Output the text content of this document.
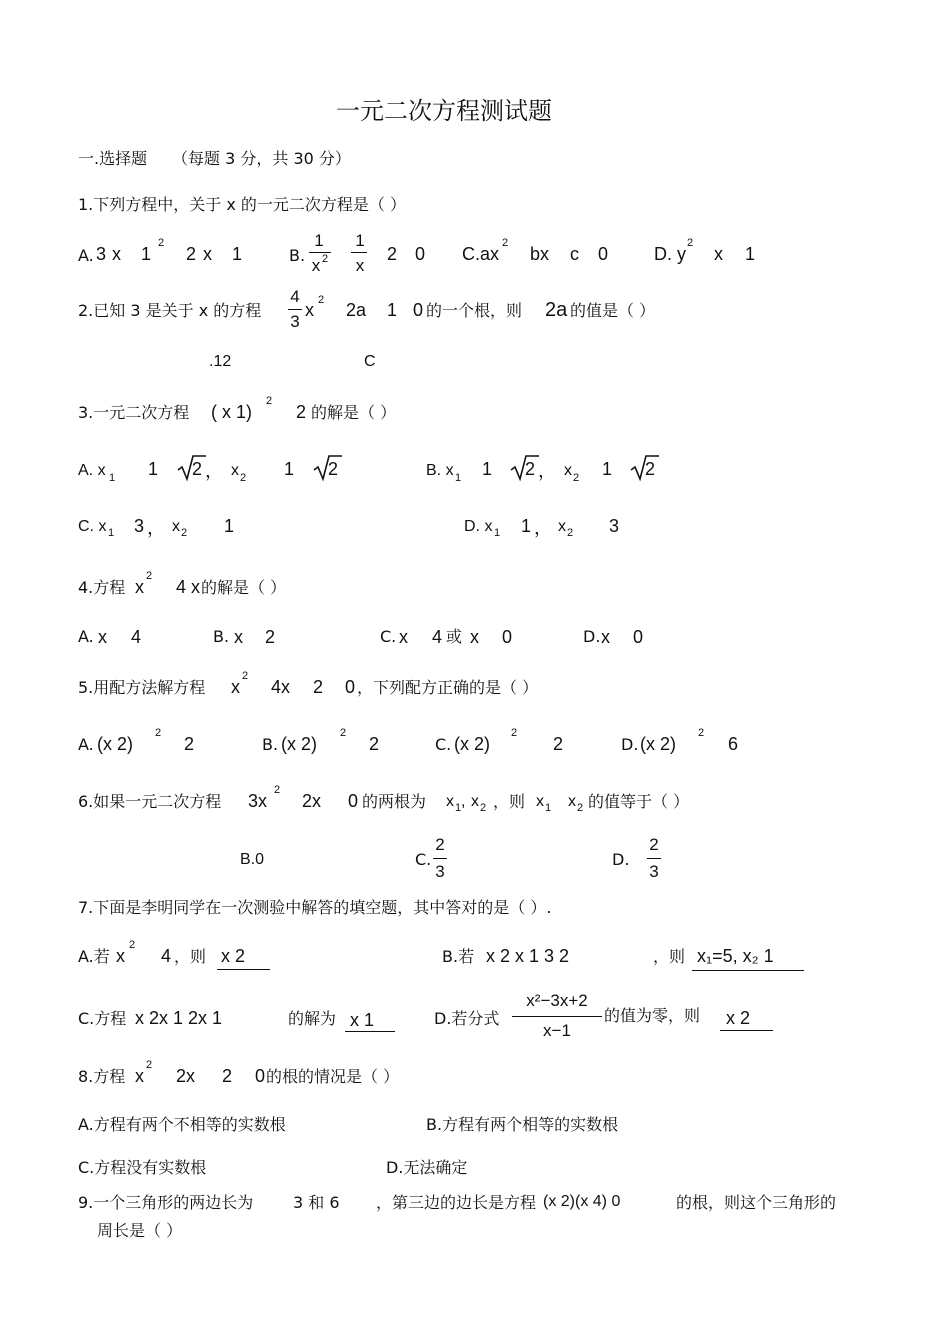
一元二次方程测试题
一.选择题 （每题 3 分，共 30 分）
1.下列方程中，关于 x 的一元二次方程是（ ）
A. 3 x 1
2
2 x 1	B.
1
x 2
1
x
2 0 C.ax
2
bx c 0	D. y
2
x 1
2.已知 3 是关于 x 的方程
4
3
x 2 2a 1 0 的一个根，则 2a 的值是（ ）
.12	C
3.一元二次方程 ( x 1)
2
2 的解是（ ）
A. x 1 1 2 ， x 2 1 2	B. x 1 1 2 ， x 2 1 2
C. x 1 3 ， x 2 1	D. x 1 1 ， x 2 3
4.方程 x
2
4 x 的解是（ ）
A. x 4	B. x 2	C. x 4 或 x 0	D. x 0
5.用配方法解方程 x
2
4x 2 0 ，下列配方正确的是（ ）
A. (x 2)
2
2	B. (x 2)
2
2	C. (x 2)
2
2	D. (x 2)
2
6
6.如果一元二次方程 3x
2
2x 0 的两根为 x 1 , x 2 ，则 x 1 x 2 的值等于（ ）
B.0	C.
2
3
D.
2
3
7.下面是李明同学在一次测验中解答的填空题，其中答对的是（ ）.
A.若 x
2
4 ，则 x 2	B.若 x 2 x 1 3 2	，则 x₁=5, x₂ 1
C.方程 x 2x 1 2x 1	的解为 x 1	D.若分式
x²−3x+2
x−1
的值为零，则 x 2
8.方程 x
2
2x 2 0 的根的情况是（ ）
A.方程有两个不相等的实数根	B.方程有两个相等的实数根
C.方程没有实数根	D.无法确定
9.一个三角形的两边长为 3 和 6 ，第三边的边长是方程 (x 2)(x 4) 0	的根，则这个三角形的
周长是（ ）
